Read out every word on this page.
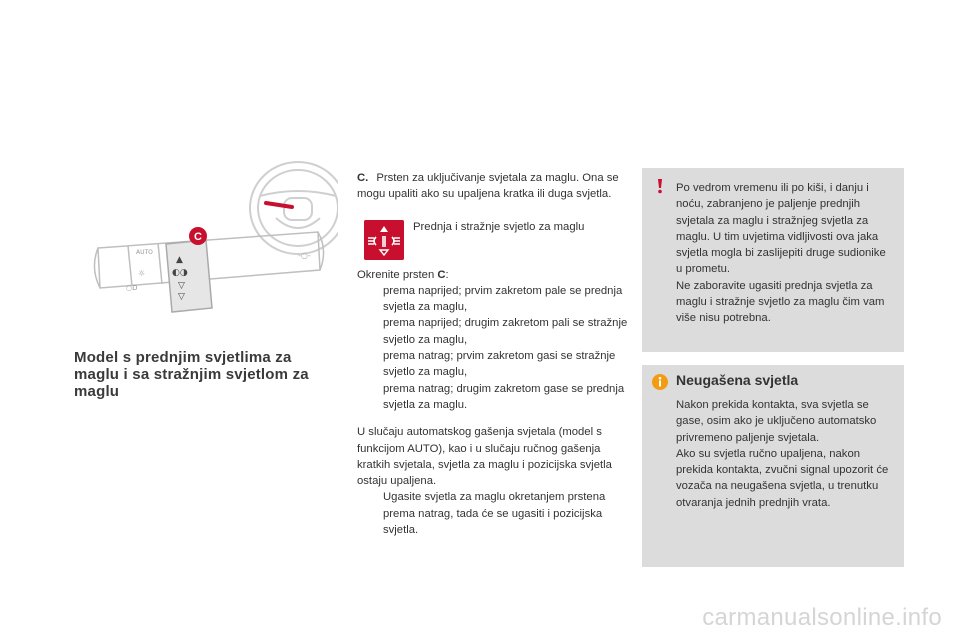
▲
◐◑
▽
▽
AUTO
☼
○D
-○-
C
Model s prednjim svjetlima za maglu i sa stražnjim svjetlom za maglu

C. Prsten za uključivanje svjetala za maglu. Ona se mogu upaliti ako su upaljena kratka ili duga svjetla.

Prednja i stražnje svjetlo za maglu

Okrenite prsten C:

prema naprijed; prvim zakretom pale se prednja svjetla za maglu,
prema naprijed; drugim zakretom pali se stražnje svjetlo za maglu,
prema natrag; prvim zakretom gasi se stražnje svjetlo za maglu,
prema natrag; drugim zakretom gase se prednja svjetla za maglu.

U slučaju automatskog gašenja svjetala (model s funkcijom AUTO), kao i u slučaju ručnog gašenja kratkih svjetala, svjetla za maglu i pozicijska svjetla ostaju upaljena.

Ugasite svjetla za maglu okretanjem prstena prema natrag, tada će se ugasiti i pozicijska svjetla.

Po vedrom vremenu ili po kiši, i danju i noću, zabranjeno je paljenje prednjih svjetala za maglu i stražnjeg svjetla za maglu. U tim uvjetima vidljivosti ova jaka svjetla mogla bi zaslijepiti druge sudionike u prometu.

Ne zaboravite ugasiti prednja svjetla za maglu i stražnje svjetlo za maglu čim vam više nisu potrebna.

Neugašena svjetla

Nakon prekida kontakta, sva svjetla se gase, osim ako je uključeno automatsko privremeno paljenje svjetala.

Ako su svjetla ručno upaljena, nakon prekida kontakta, zvučni signal upozorit će vozača na neugašena svjetla, u trenutku otvaranja jednih prednjih vrata.

carmanualsonline.info
